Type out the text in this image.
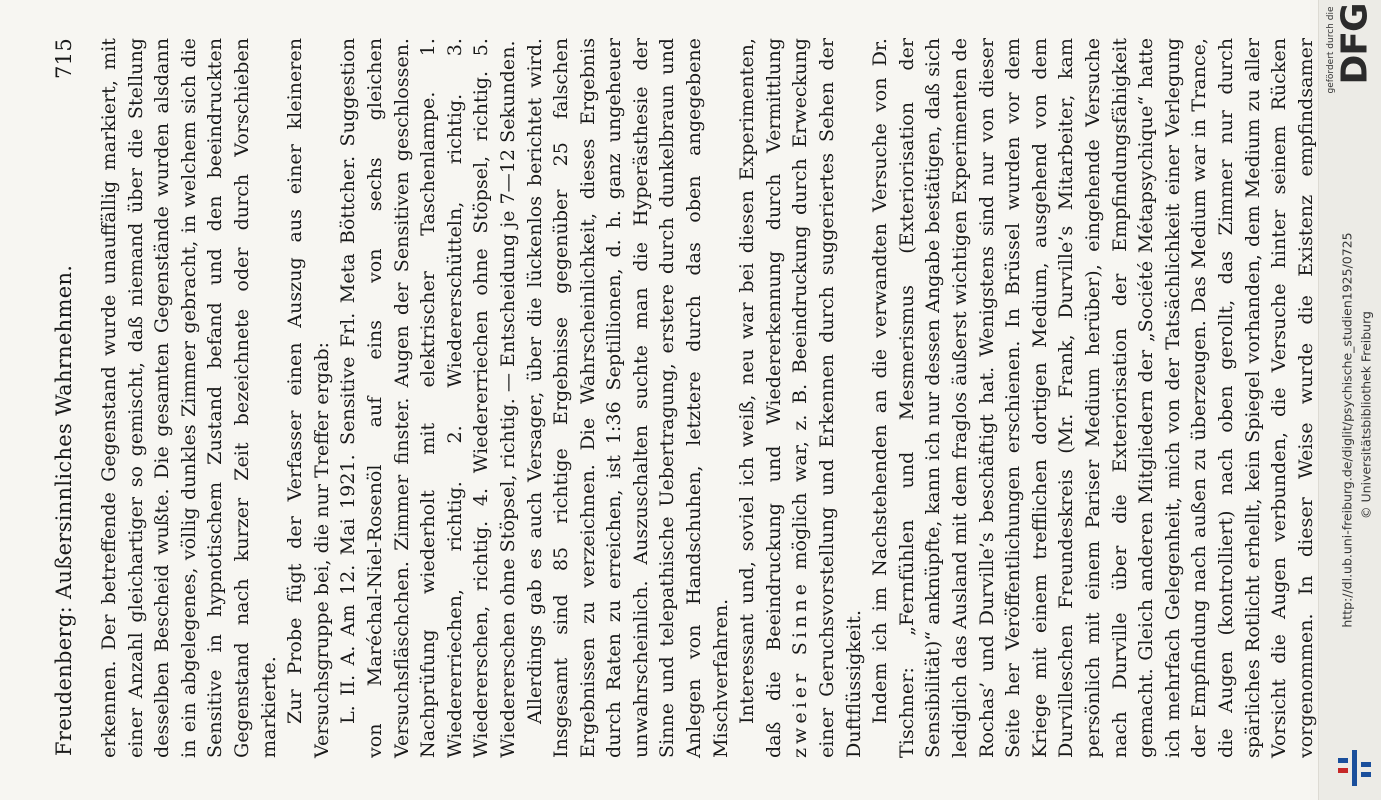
Freudenberg: Außersinnliches Wahrnehmen.
715 erkennen. Der betreffende Gegenstand wurde unauffällig markiert, mit einer Anzahl gleichartiger so gemischt, daß niemand über die Stellung desselben Bescheid wußte. Die gesamten Gegenstände wurden alsdann in ein abgelegenes, völlig dunkles Zimmer gebracht, in welchem sich die Sensitive in hypnotischem Zustand befand und den beeindruckten Gegenstand nach kurzer Zeit bezeichnete oder durch Vorschieben markierte. Zur Probe fügt der Verfasser einen Auszug aus einer kleineren Versuchsgruppe bei, die nur Treffer ergab: L. II. A. Am 12. Mai 1921. Sensitive Frl. Meta Böttcher. Suggestion von Maréchal-Niel-Rosenöl auf eins von sechs gleichen Versuchsfläschchen. Zimmer finster. Augen der Sensitiven geschlossen. Nachprüfung wiederholt mit elektrischer Taschenlampe. 1. Wiedererriechen, richtig. 2. Wiedererschütteln, richtig. 3. Wiedererschen, richtig. 4. Wiedererriechen ohne Stöpsel, richtig. 5. Wiedererschen ohne Stöpsel, richtig. — Entscheidung je 7—12 Sekunden. Allerdings gab es auch Versager, über die lückenlos berichtet wird. Insgesamt sind 85 richtige Ergebnisse gegenüber 25 falschen Ergebnissen zu verzeichnen. Die Wahrscheinlichkeit, dieses Ergebnis durch Raten zu erreichen, ist 1:36 Septillionen, d. h. ganz ungeheuer unwahrscheinlich. Auszuschalten suchte man die Hyperästhesie der Sinne und telepathische Uebertragung, erstere durch dunkelbraun und Anlegen von Handschuhen, letztere durch das oben angegebene Mischverfahren. Interessant und, soviel ich weiß, neu war bei diesen Experimenten, daß die Beeindruckung und Wiedererkennung durch Vermittlung zweier Sinne möglich war, z. B. Beeindruckung durch Erweckung einer Geruchsvorstellung und Erkennen durch suggeriertes Sehen der Duftflüssigkeit. Indem ich im Nachstehenden an die verwandten Versuche von Dr. Tischner: „Fernfühlen und Mesmerismus (Exteriorisation der Sensibilität)“ anknüpfte, kann ich nur dessen Angabe bestätigen, daß sich lediglich das Ausland mit dem fraglos äußerst wichtigen Experimenten de Rochas’ und Durville’s beschäftigt hat. Wenigstens sind nur von dieser Seite her Veröffentlichungen erschienen. In Brüssel wurden vor dem Kriege mit einem trefflichen dortigen Medium, ausgehend von dem Durvilleschen Freundeskreis (Mr. Frank, Durville’s Mitarbeiter, kam persönlich mit einem Pariser Medium herüber), eingehende Versuche nach Durville über die Exteriorisation der Empfindungsfähigkeit gemacht. Gleich anderen Mitgliedern der „Société Métapsychique“ hatte ich mehrfach Gelegenheit, mich von der Tatsächlichkeit einer Verlegung der Empfindung nach außen zu überzeugen. Das Medium war in Trance, die Augen (kontrolliert) nach oben gerollt, das Zimmer nur durch spärliches Rotlicht erhellt, kein Spiegel vorhanden, dem Medium zu aller Vorsicht die Augen verbunden, die Versuche hinter seinem Rücken vorgenommen. In dieser Weise wurde die Existenz empfindsamer	gefördert durch die
DFG
http://dl.ub.uni-freiburg.de/diglit/psychische_studien1925/0725 © Universitätsbibliothek Freiburg
